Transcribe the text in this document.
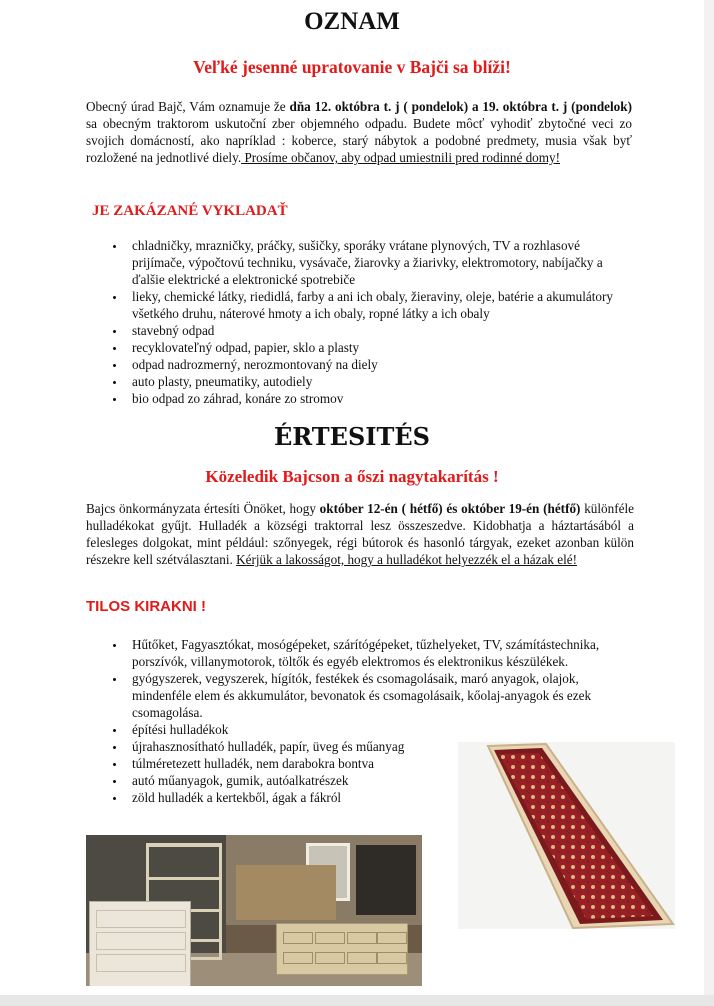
OZNAM
Veľké jesenné upratovanie v Bajči sa blíži!
Obecný úrad Bajč, Vám oznamuje že dňa 12. októbra t. j ( pondelok) a 19. októbra t. j (pondelok) sa obecným traktorom uskutoční zber objemného odpadu. Budete môcť vyhodiť zbytočné veci zo svojich domácností, ako napríklad : koberce, starý nábytok a podobné predmety, musia však byť rozložené na jednotlivé diely. Prosíme občanov, aby odpad umiestnili pred rodinné domy!
JE ZAKÁZANÉ VYKLADAŤ
• chladničky, mrazničky, práčky, sušičky, sporáky vrátane plynových, TV a rozhlasové prijímače, výpočtovú techniku, vysávače, žiarovky a žiarivky, elektromotory, nabíjačky a ďalšie elektrické a elektronické spotrebiče
• lieky, chemické látky, riedidlá, farby a ani ich obaly, žieraviny, oleje, batérie a akumulátory všetkého druhu, náterové hmoty a ich obaly, ropné látky a ich obaly
• stavebný odpad
• recyklovateľný odpad, papier, sklo a plasty
• odpad nadrozmerný, nerozmontovaný na diely
• auto plasty, pneumatiky, autodiely
• bio odpad zo záhrad, konáre zo stromov
ÉRTESITÉS
Közeledik Bajcson a őszi nagytakarítás !
Bajcs önkormányzata értesíti Önöket, hogy október 12-én ( hétfő) és október 19-én (hétfő) különféle hulladékokat gyűjt. Hulladék a községi traktorral lesz összeszedve. Kidobhatja a háztartásából a felesleges dolgokat, mint például: szőnyegek, régi bútorok és hasonló tárgyak, ezeket azonban külön részekre kell szétválasztani. Kérjük a lakosságot, hogy a hulladékot helyezzék el a házak elé!
TILOS KIRAKNI !
• Hűtőket, Fagyasztókat, mosógépeket, szárítógépeket, tűzhelyeket, TV, számítástechnika, porszívók, villanymotorok, töltők és egyéb elektromos és elektronikus készülékek.
• gyógyszerek, vegyszerek, hígítók, festékek és csomagolásaik, maró anyagok, olajok, mindenféle elem és akkumulátor, bevonatok és csomagolásaik, kőolaj-anyagok és ezek csomagolása.
• építési hulladékok
• újrahasznosítható hulladék, papír, üveg és műanyag
• túlméretezett hulladék, nem darabokra bontva
• autó műanyagok, gumik, autóalkatrészek
• zöld hulladék a kertekből, ágak a fákról
